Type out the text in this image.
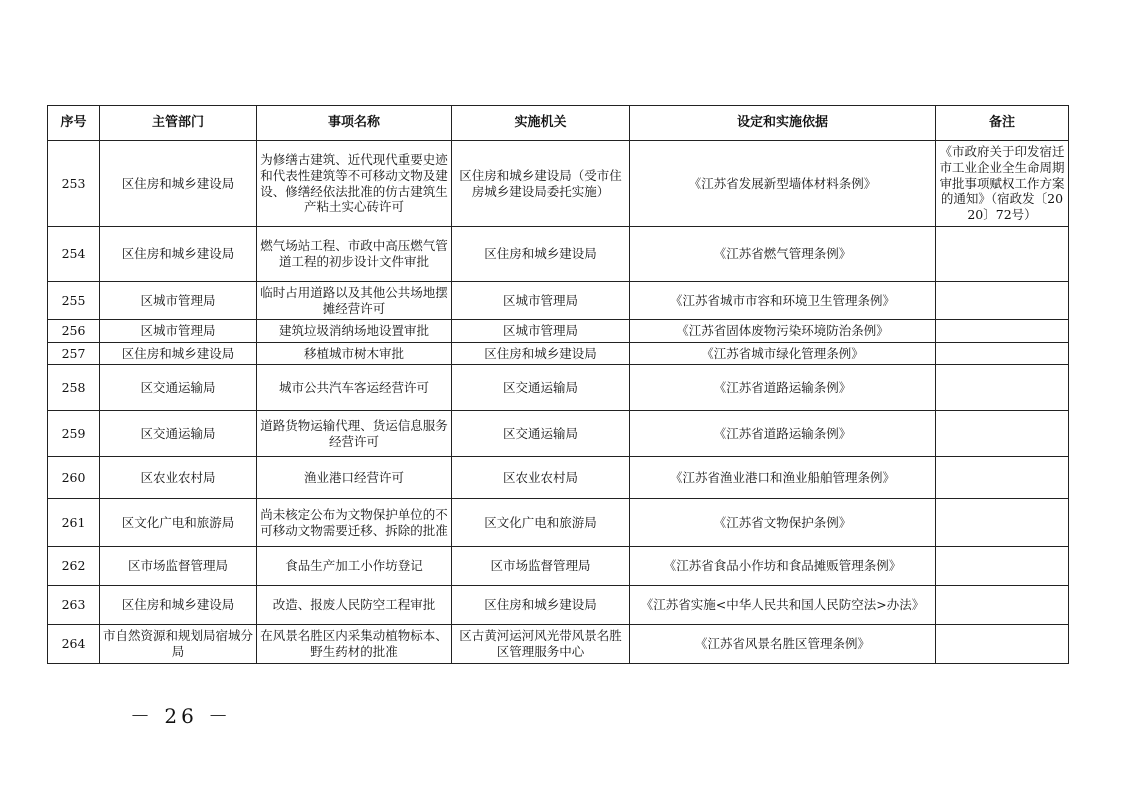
序号	主管部门	事项名称	实施机关	设定和实施依据	备注
253	区住房和城乡建设局	为修缮古建筑、近代现代重要史迹和代表性建筑等不可移动文物及建设、修缮经依法批准的仿古建筑生产粘土实心砖许可	区住房和城乡建设局（受市住房城乡建设局委托实施）	《江苏省发展新型墙体材料条例》	《市政府关于印发宿迁市工业企业全生命周期审批事项赋权工作方案的通知》（宿政发〔2020〕72号）
254	区住房和城乡建设局	燃气场站工程、市政中高压燃气管道工程的初步设计文件审批	区住房和城乡建设局	《江苏省燃气管理条例》	
255	区城市管理局	临时占用道路以及其他公共场地摆摊经营许可	区城市管理局	《江苏省城市市容和环境卫生管理条例》	
256	区城市管理局	建筑垃圾消纳场地设置审批	区城市管理局	《江苏省固体废物污染环境防治条例》	
257	区住房和城乡建设局	移植城市树木审批	区住房和城乡建设局	《江苏省城市绿化管理条例》	
258	区交通运输局	城市公共汽车客运经营许可	区交通运输局	《江苏省道路运输条例》	
259	区交通运输局	道路货物运输代理、货运信息服务经营许可	区交通运输局	《江苏省道路运输条例》	
260	区农业农村局	渔业港口经营许可	区农业农村局	《江苏省渔业港口和渔业船舶管理条例》	
261	区文化广电和旅游局	尚未核定公布为文物保护单位的不可移动文物需要迁移、拆除的批准	区文化广电和旅游局	《江苏省文物保护条例》	
262	区市场监督管理局	食品生产加工小作坊登记	区市场监督管理局	《江苏省食品小作坊和食品摊贩管理条例》	
263	区住房和城乡建设局	改造、报废人民防空工程审批	区住房和城乡建设局	《江苏省实施<中华人民共和国人民防空法>办法》	
264	市自然资源和规划局宿城分局	在风景名胜区内采集动植物标本、野生药材的批准	区古黄河运河风光带风景名胜区管理服务中心	《江苏省风景名胜区管理条例》	
－ 26 －
